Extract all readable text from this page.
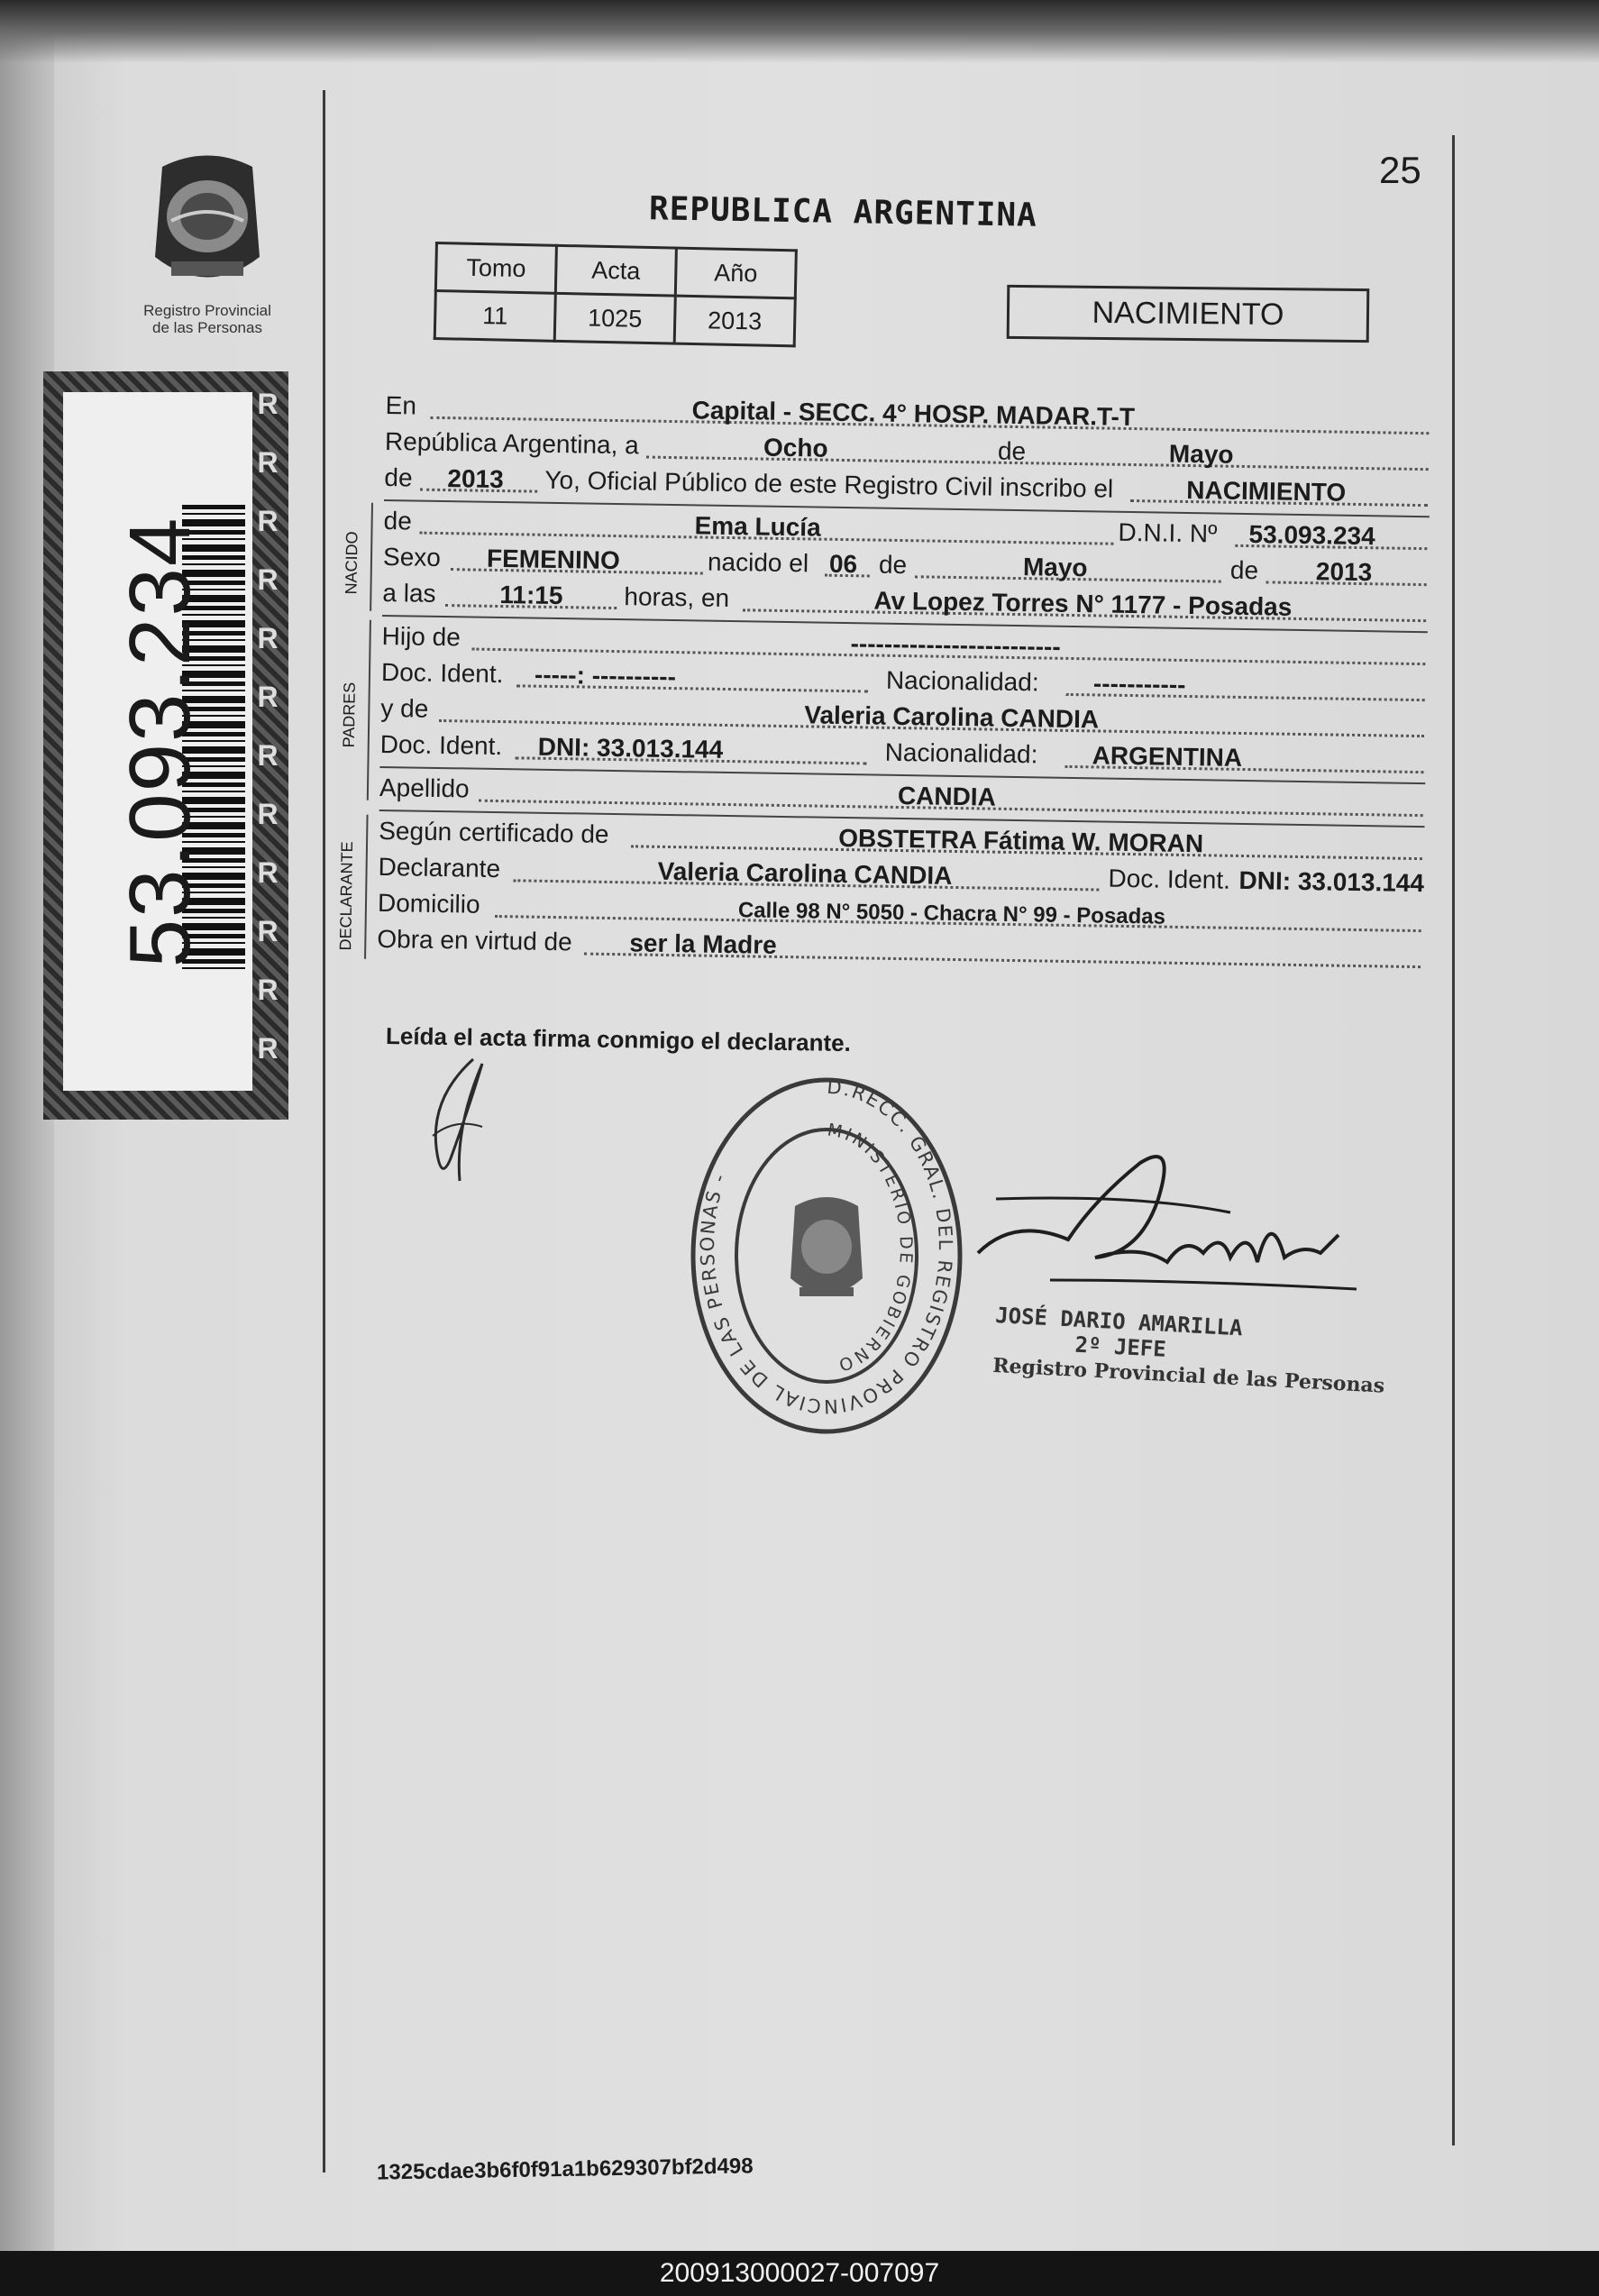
Registro Provincial
de las Personas
R
R
R
R
R
R
R
R
R
R
R
R
53.093.234
25
REPUBLICA ARGENTINA
Tomo	Acta	Año
11	1025	2013	NACIMIENTO
En	Capital - SECC. 4° HOSP. MADAR.T-T
República Argentina, a	Ocho	de	Mayo
de 2013 Yo, Oficial Público de este Registro Civil inscribo el	NACIMIENTO
NACIDO
de	Ema Lucía	D.N.I. Nº 53.093.234
Sexo FEMENINO	nacido el 06 de	Mayo	de 2013
a las	11:15 horas, en	Av Lopez Torres N° 1177 - Posadas
PADRES
Hijo de	-------------------------
Doc. Ident. -----: ----------	Nacionalidad: -----------
y de	Valeria Carolina CANDIA
Doc. Ident. DNI: 33.013.144	Nacionalidad: ARGENTINA
Apellido	CANDIA
DECLARANTE
Según certificado de	OBSTETRA Fátima W. MORAN
Declarante	Valeria Carolina CANDIA	Doc. Ident. DNI: 33.013.144
Domicilio	Calle 98 N° 5050 - Chacra N° 99 - Posadas
Obra en virtud de ser la Madre
Leída el acta firma conmigo el declarante.
D.RECC. GRAL. DEL REGISTRO PROVINCIAL DE LAS PERSONAS -
MINISTERIO DE GOBIERNO
JOSÉ DARIO AMARILLA
2º JEFE
Registro Provincial de las Personas
1325cdae3b6f0f91a1b629307bf2d498
200913000027-007097
